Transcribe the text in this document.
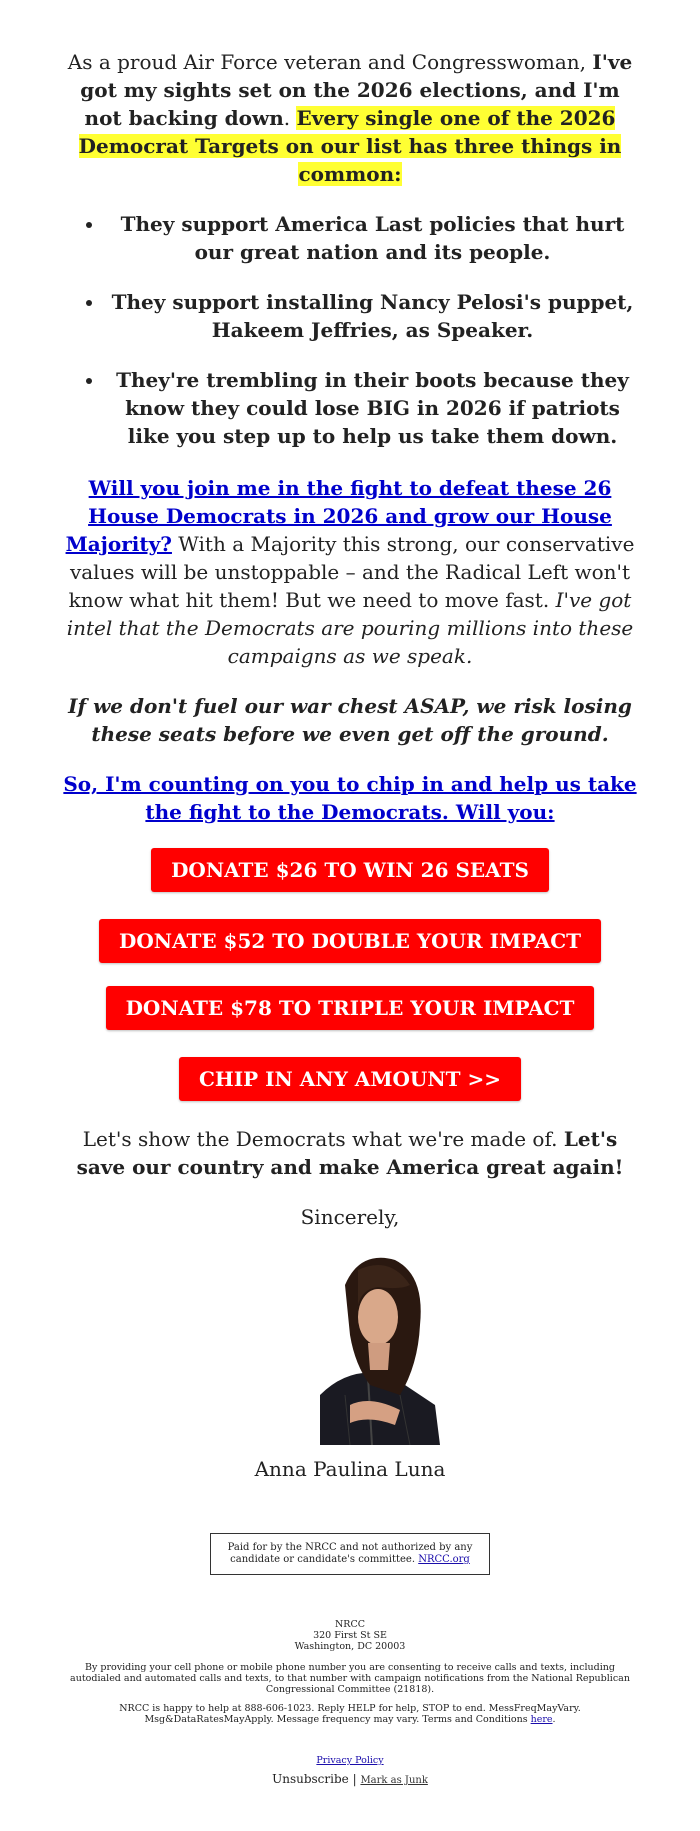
As a proud Air Force veteran and Congresswoman, I've got my sights set on the 2026 elections, and I'm not backing down. Every single one of the 2026 Democrat Targets on our list has three things in common:

• They support America Last policies that hurt our great nation and its people.
• They support installing Nancy Pelosi's puppet, Hakeem Jeffries, as Speaker.
• They're trembling in their boots because they know they could lose BIG in 2026 if patriots like you step up to help us take them down.

Will you join me in the fight to defeat these 26 House Democrats in 2026 and grow our House Majority? With a Majority this strong, our conservative values will be unstoppable – and the Radical Left won't know what hit them! But we need to move fast. I've got intel that the Democrats are pouring millions into these campaigns as we speak.

If we don't fuel our war chest ASAP, we risk losing these seats before we even get off the ground.

So, I'm counting on you to chip in and help us take the fight to the Democrats. Will you:

DONATE $26 TO WIN 26 SEATS
DONATE $52 TO DOUBLE YOUR IMPACT
DONATE $78 TO TRIPLE YOUR IMPACT
CHIP IN ANY AMOUNT >>

Let's show the Democrats what we're made of. Let's save our country and make America great again!

Sincerely,

Anna Paulina Luna

Paid for by the NRCC and not authorized by any candidate or candidate's committee. NRCC.org

NRCC
320 First St SE
Washington, DC 20003

By providing your cell phone or mobile phone number you are consenting to receive calls and texts, including autodialed and automated calls and texts, to that number with campaign notifications from the National Republican Congressional Committee (21818).

NRCC is happy to help at 888-606-1023. Reply HELP for help, STOP to end. MessFreqMayVary. Msg&DataRatesMayApply. Message frequency may vary. Terms and Conditions here.

Privacy Policy
Unsubscribe | Mark as Junk
